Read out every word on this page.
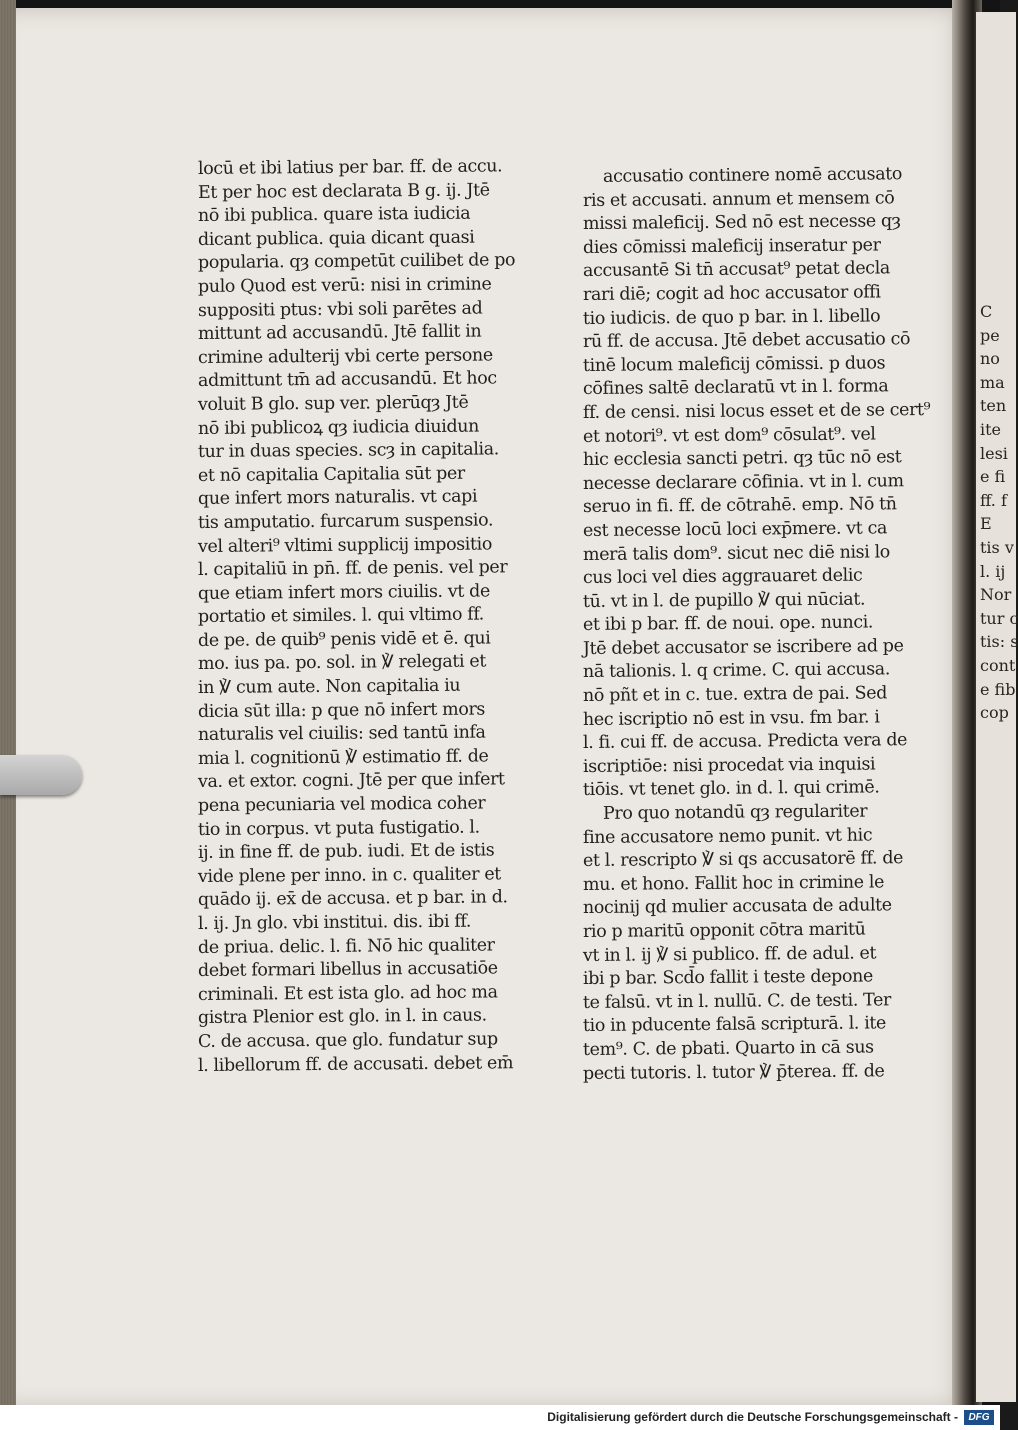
locū et ibi latius per bar. ff. de accu.
Et per hoc est declarata B g. ij. Jtē
nō ibi publica. quare ista iudicia
dicant publica. quia dicant quasi
popularia. qȝ competūt cuilibet de po
pulo Quod est verū: nisi in crimine
suppositi ptus: vbi soli parētes ad
mittunt ad accusandū. Jtē fallit in
crimine adulterij vbi certe persone
admittunt tm̄ ad accusandū. Et hoc
voluit B glo. sup ver. plerūqȝ Jtē
nō ibi publicoꝝ qȝ iudicia diuidun
tur in duas species. scȝ in capitalia.
et nō capitalia Capitalia sūt per
que infert mors naturalis. vt capi
tis amputatio. furcarum suspensio.
vel alteri⁹ vltimi supplicij impositio
l. capitaliū in pn̄. ff. de penis. vel per
que etiam infert mors ciuilis. vt de
portatio et similes. l. qui vltimo ff.
de pe. de quib⁹ penis vidē et ē. qui
mo. ius pa. po. sol. in ℣ relegati et
in ℣ cum aute. Non capitalia iu
dicia sūt illa: p que nō infert mors
naturalis vel ciuilis: sed tantū infa
mia l. cognitionū ℣ estimatio ff. de
va. et extor. cogni. Jtē per que infert
pena pecuniaria vel modica coher
tio in corpus. vt puta fustigatio. l.
ij. in fine ff. de pub. iudi. Et de istis
vide plene per inno. in c. qualiter et
quādo ij. ex̄ de accusa. et p bar. in d.
l. ij. Jn glo. vbi institui. dis. ibi ff.
de priua. delic. l. fi. Nō hic qualiter
debet formari libellus in accusatiōe
criminali. Et est ista glo. ad hoc ma
gistra Plenior est glo. in l. in caus.
C. de accusa. que glo. fundatur sup
l. libellorum ff. de accusati. debet em̄
accusatio continere nomē accusato
ris et accusati. annum et mensem cō
missi maleficij. Sed nō est necesse qȝ
dies cōmissi maleficij inseratur per
accusantē Si tn̄ accusat⁹ petat decla
rari diē; cogit ad hoc accusator offi
tio iudicis. de quo p bar. in l. libello
rū ff. de accusa. Jtē debet accusatio cō
tinē locum maleficij cōmissi. p duos
cōfines saltē declaratū vt in l. forma
ff. de censi. nisi locus esset et de se cert⁹
et notori⁹. vt est dom⁹ cōsulat⁹. vel
hic ecclesia sancti petri. qȝ tūc nō est
necesse declarare cōfinia. vt in l. cum
seruo in fi. ff. de cōtrahē. emp. Nō tn̄
est necesse locū loci exp̄mere. vt ca
merā talis dom⁹. sicut nec diē nisi lo
cus loci vel dies aggrauaret delic
tū. vt in l. de pupillo ℣ qui nūciat.
et ibi p bar. ff. de noui. ope. nunci.
Jtē debet accusator se iscribere ad pe
nā talionis. l. q crime. C. qui accusa.
nō pñt et in c. tue. extra de pai. Sed
hec iscriptio nō est in vsu. fm bar. i
l. fi. cui ff. de accusa. Predicta vera de
iscriptiōe: nisi procedat via inquisi
tiōis. vt tenet glo. in d. l. qui crimē.
Pro quo notandū qȝ regulariter
fine accusatore nemo punit. vt hic
et l. rescripto ℣ si qs accusatorē ff. de
mu. et hono. Fallit hoc in crimine le
nocinij qd mulier accusata de adulte
rio p maritū opponit cōtra maritū
vt in l. ij ℣ si publico. ff. de adul. et
ibi p bar. Scd̄o fallit i teste depone
te falsū. vt in l. nullū. C. de testi. Ter
tio in pducente falsā scripturā. l. ite
tem⁹. C. de pbati. Quarto in cā sus
pecti tutoris. l. tutor ℣ p̄terea. ff. de
C
pe
no
ma
ten
ite
lesi
e fi
ff. f
E
tis v
l. ij
Nor
tur c
tis: s
cont
e fib
cop
Digitalisierung gefördert durch die Deutsche Forschungsgemeinschaft -	DFG
